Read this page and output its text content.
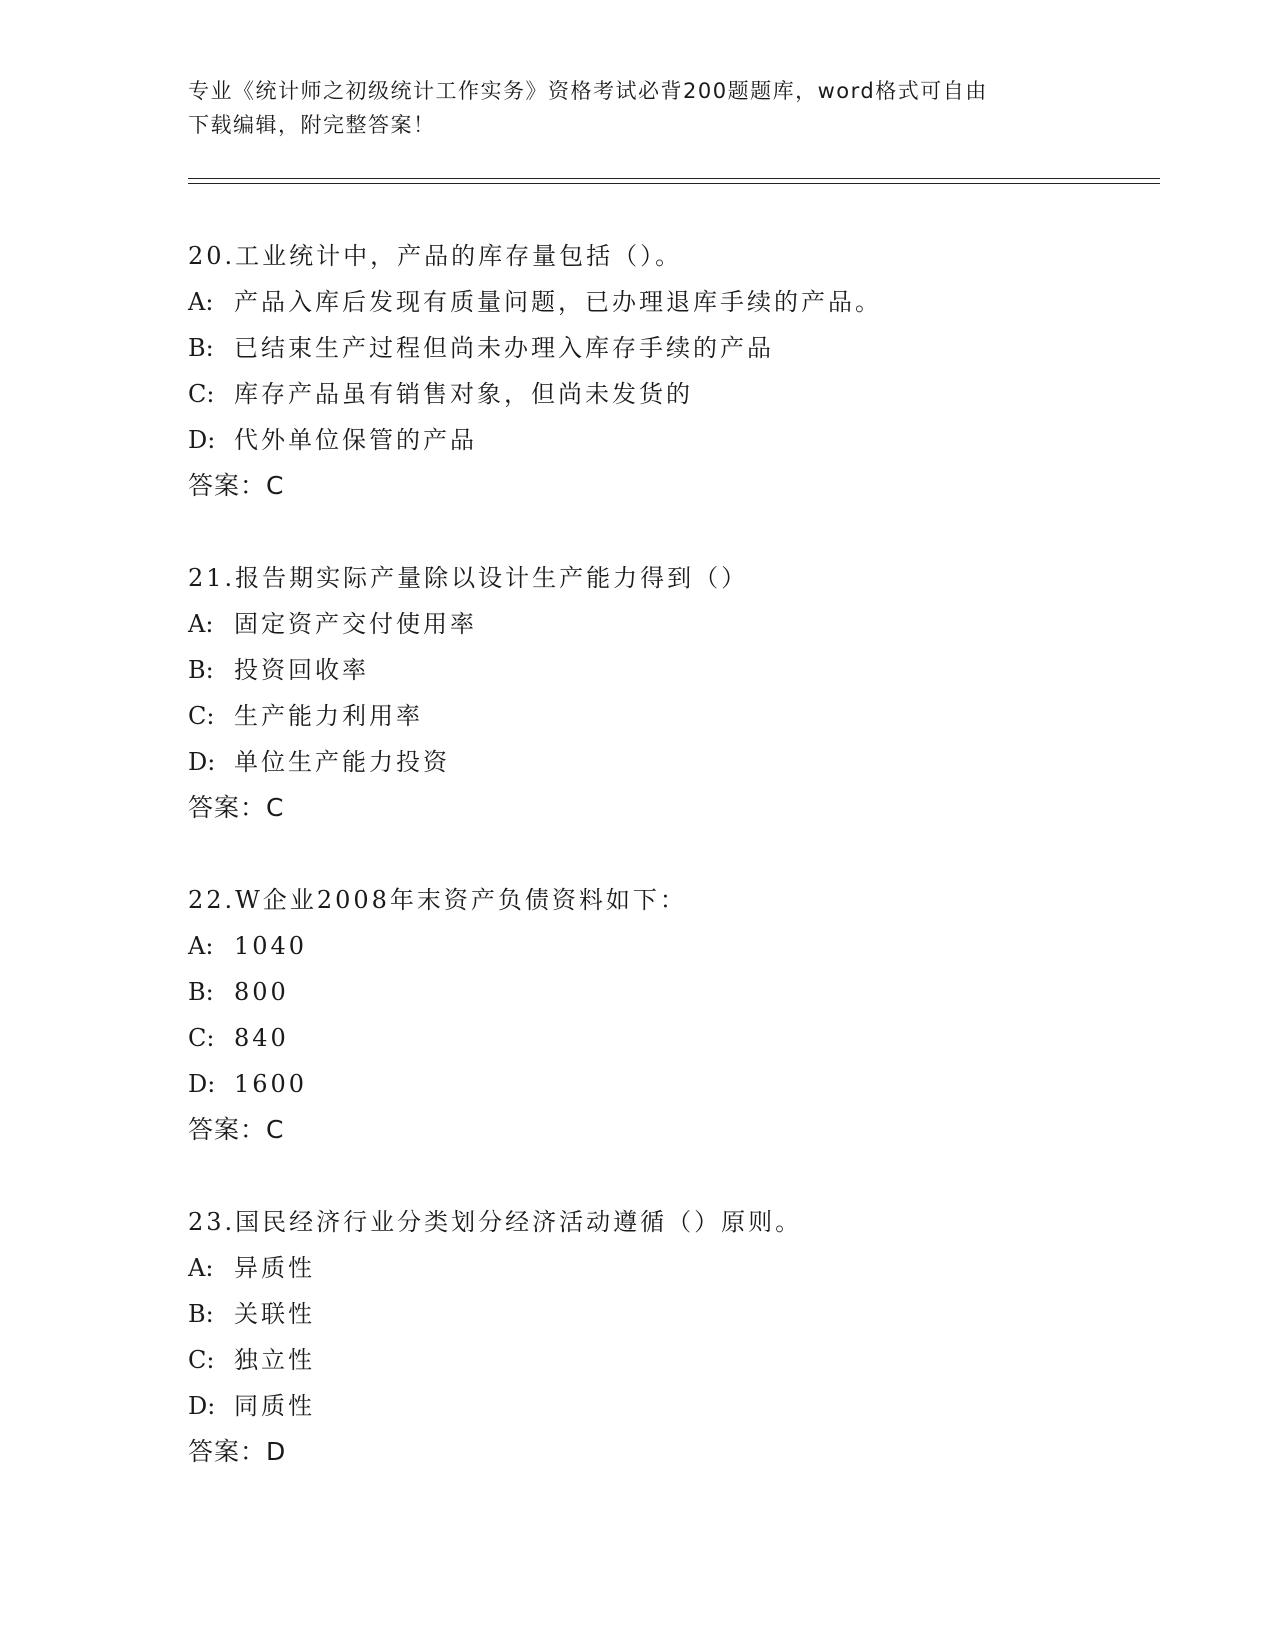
专业《统计师之初级统计工作实务》资格考试必背200题题库，word格式可自由
下载编辑，附完整答案！
20.工业统计中，产品的库存量包括（）。
A: 产品入库后发现有质量问题，已办理退库手续的产品。
B: 已结束生产过程但尚未办理入库存手续的产品
C: 库存产品虽有销售对象，但尚未发货的
D: 代外单位保管的产品
答案：C
21.报告期实际产量除以设计生产能力得到（）
A: 固定资产交付使用率
B: 投资回收率
C: 生产能力利用率
D: 单位生产能力投资
答案：C
22.W企业2008年末资产负债资料如下：
A: 1040
B: 800
C: 840
D: 1600
答案：C
23.国民经济行业分类划分经济活动遵循（）原则。
A: 异质性
B: 关联性
C: 独立性
D: 同质性
答案：D
